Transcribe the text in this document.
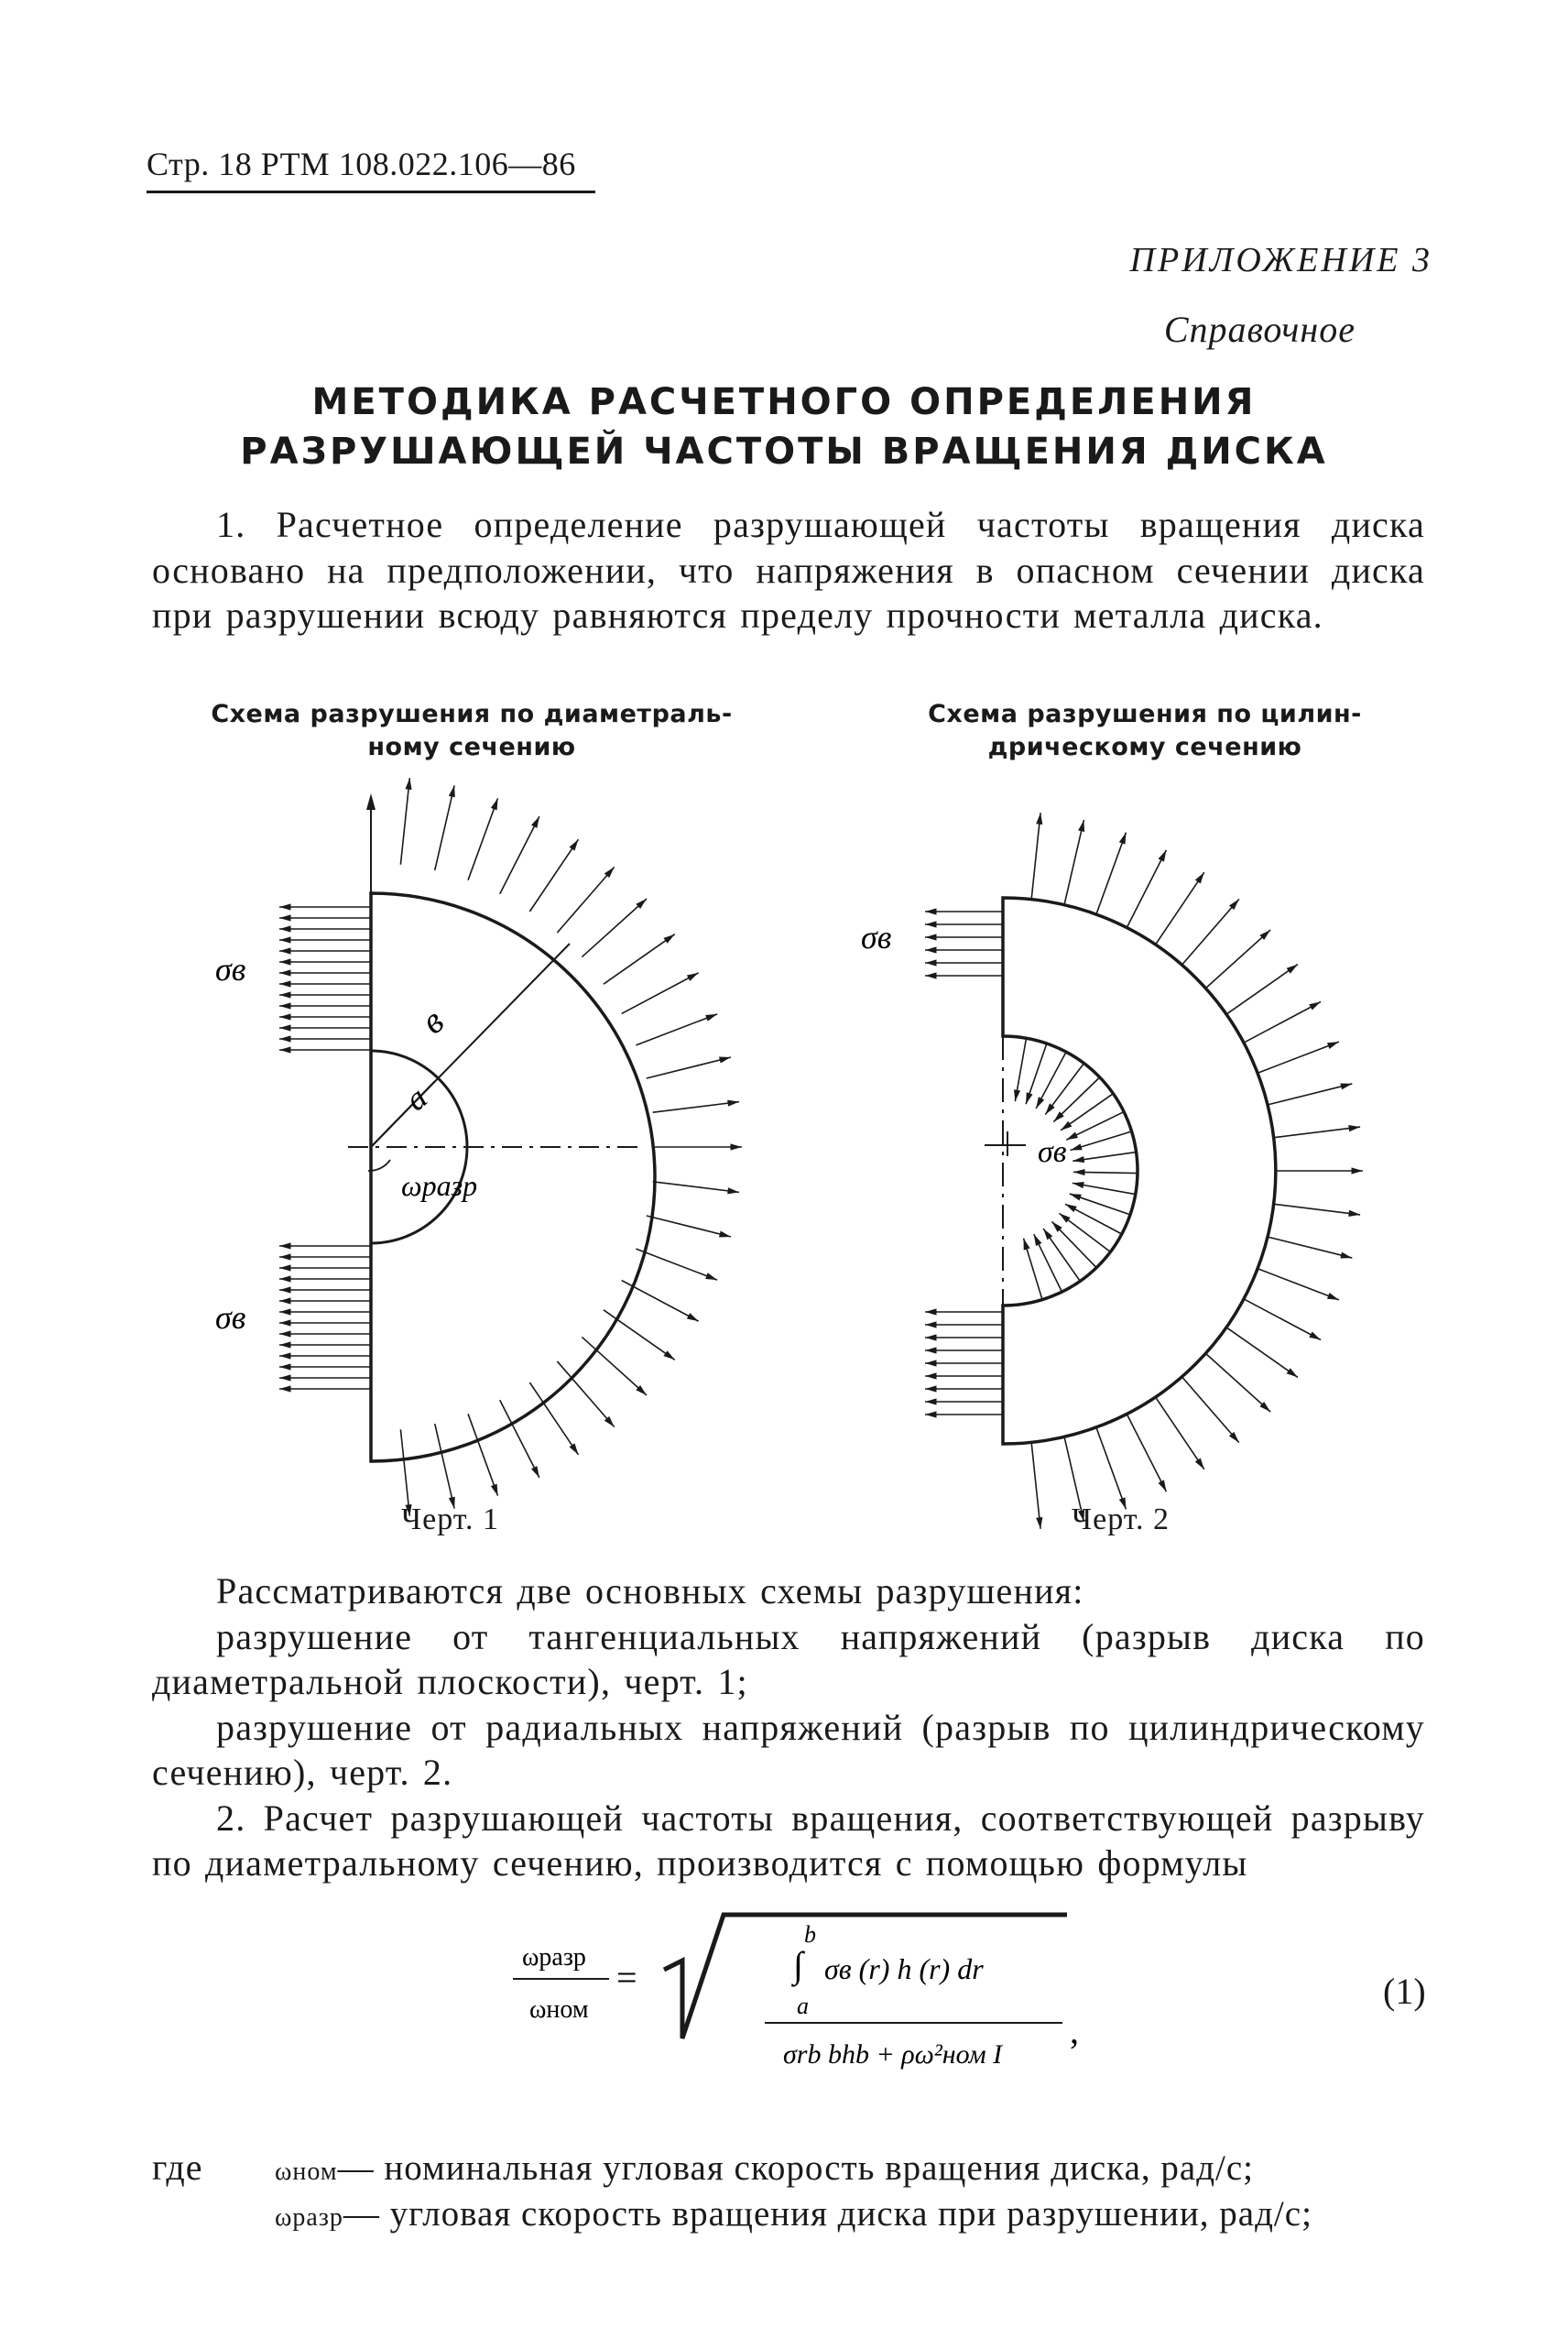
Стр. 18 РТМ 108.022.106—86
ПРИЛОЖЕНИЕ 3
Справочное
МЕТОДИКА РАСЧЕТНОГО ОПРЕДЕЛЕНИЯ
РАЗРУШАЮЩЕЙ ЧАСТОТЫ ВРАЩЕНИЯ ДИСКА
1. Расчетное определение разрушающей частоты вращения диска основано на предположении, что напряжения в опасном сечении диска при разрушении всюду равняются пределу прочности металла диска.
Схема разрушения по диаметраль-
ному сечению
Схема разрушения по цилин-
дрическому сечению
в
a
ωразр
σв
σв
σв
σв
Черт. 1	Черт. 2
Рассматриваются две основных схемы разрушения:
разрушение от тангенциальных напряжений (разрыв диска по диаметральной плоскости), черт. 1;
разрушение от радиальных напряжений (разрыв по цилиндрическому сечению), черт. 2.
2. Расчет разрушающей частоты вращения, соответствующей разрыву по диаметральному сечению, производится с помощью формулы
ωразр
ωном
=
b
∫
a
σв (r) h (r) dr
σrb bhb + ρω²ном I
,
(1)
где	ωном— номинальная угловая скорость вращения диска, рад/с;
ωразр— угловая скорость вращения диска при разрушении, рад/с;
